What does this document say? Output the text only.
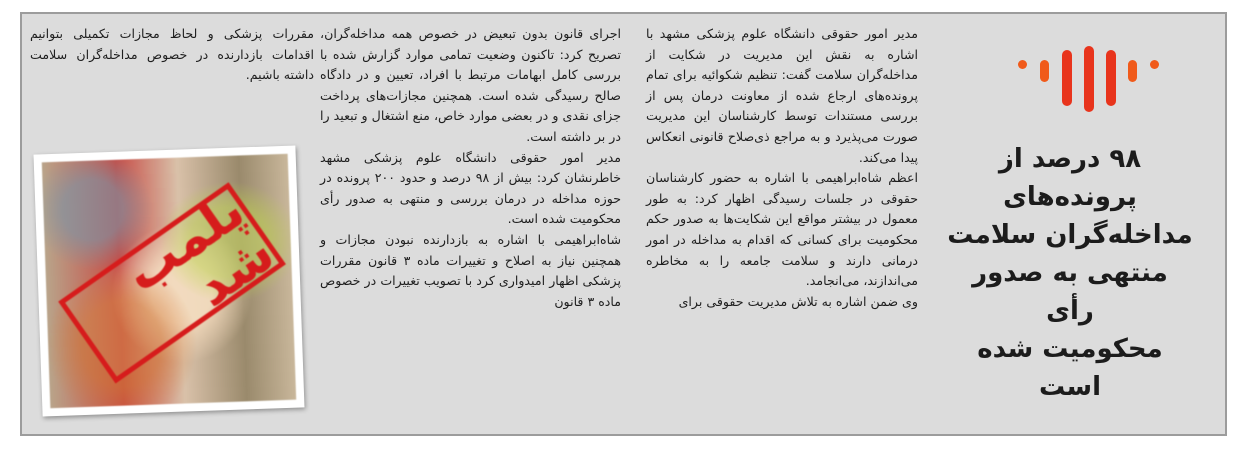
۹۸ درصد از
پرونده‌های
مداخله‌گران سلامت
منتهی به صدور رأی
محکومیت شده است

مدیر امور حقوقی دانشگاه علوم پزشکی مشهد با اشاره به نقش این مدیریت در شکایت از مداخله‌گران سلامت گفت: تنظیم شکوائیه برای تمام پرونده‌های ارجاع شده از معاونت درمان پس از بررسی مستندات توسط کارشناسان این مدیریت صورت می‌پذیرد و به مراجع ذی‌صلاح قانونی انعکاس پیدا می‌کند.

اعظم شاه‌ابراهیمی با اشاره به حضور کارشناسان حقوقی در جلسات رسیدگی اظهار کرد: به طور معمول در بیشتر مواقع این شکایت‌ها به صدور حکم محکومیت برای کسانی که اقدام به مداخله در امور درمانی دارند و سلامت جامعه را به مخاطره می‌اندازند، می‌انجامد.

وی ضمن اشاره به تلاش مدیریت حقوقی برای

اجرای قانون بدون تبعیض در خصوص همه مداخله‌گران، تصریح کرد: تاکنون وضعیت تمامی موارد گزارش شده با بررسی کامل ابهامات مرتبط با افراد، تعیین و در دادگاه صالح رسیدگی شده است. همچنین مجازات‌های پرداخت جزای نقدی و در بعضی موارد خاص، منع اشتغال و تبعید را در بر داشته است.

مدیر امور حقوقی دانشگاه علوم پزشکی مشهد خاطرنشان کرد: بیش از ۹۸ درصد و حدود ۲۰۰ پرونده در حوزه مداخله در درمان بررسی و منتهی به صدور رأی محکومیت شده است.

شاه‌ابراهیمی با اشاره به بازدارنده نبودن مجازات و همچنین نیاز به اصلاح و تغییرات ماده ۳ قانون مقررات پزشکی اظهار امیدواری کرد با تصویب تغییرات در خصوص ماده ۳ قانون

مقررات پزشکی و لحاظ مجازات تکمیلی بتوانیم اقدامات بازدارنده در خصوص مداخله‌گران سلامت داشته باشیم.

پلمب شد
